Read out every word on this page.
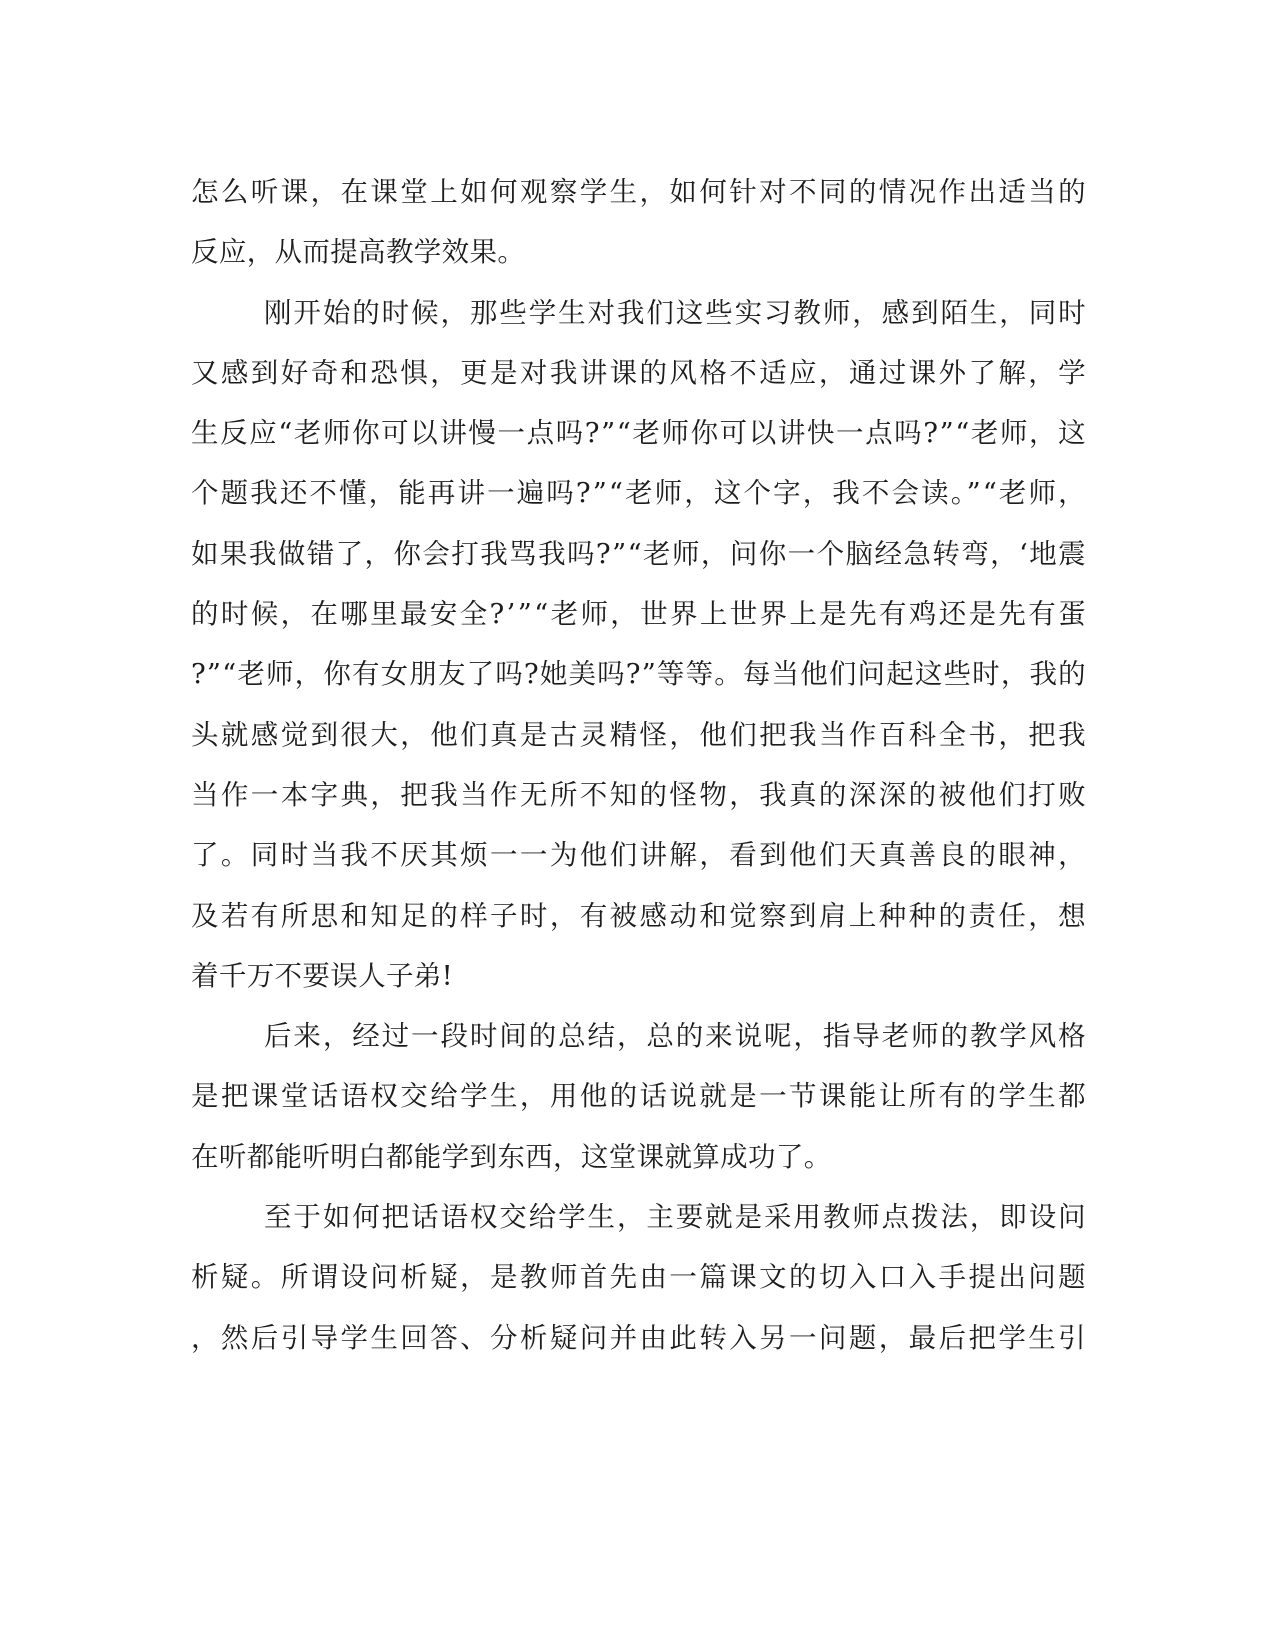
怎么听课，在课堂上如何观察学生，如何针对不同的情况作出适当的
反应，从而提高教学效果。
刚开始的时候，那些学生对我们这些实习教师，感到陌生，同时
又感到好奇和恐惧，更是对我讲课的风格不适应，通过课外了解，学
生反应“老师你可以讲慢一点吗?”“老师你可以讲快一点吗?”“老师，这
个题我还不懂，能再讲一遍吗?”“老师，这个字，我不会读。”“老师，
如果我做错了，你会打我骂我吗?”“老师，问你一个脑经急转弯，‘地震
的时候，在哪里最安全?’”“老师，世界上世界上是先有鸡还是先有蛋
?”“老师，你有女朋友了吗?她美吗?”等等。每当他们问起这些时，我的
头就感觉到很大，他们真是古灵精怪，他们把我当作百科全书，把我
当作一本字典，把我当作无所不知的怪物，我真的深深的被他们打败
了。同时当我不厌其烦一一为他们讲解，看到他们天真善良的眼神，
及若有所思和知足的样子时，有被感动和觉察到肩上种种的责任，想
着千万不要误人子弟!
后来，经过一段时间的总结，总的来说呢，指导老师的教学风格
是把课堂话语权交给学生，用他的话说就是一节课能让所有的学生都
在听都能听明白都能学到东西，这堂课就算成功了。
至于如何把话语权交给学生，主要就是采用教师点拨法，即设问
析疑。所谓设问析疑，是教师首先由一篇课文的切入口入手提出问题
，然后引导学生回答、分析疑问并由此转入另一问题，最后把学生引
